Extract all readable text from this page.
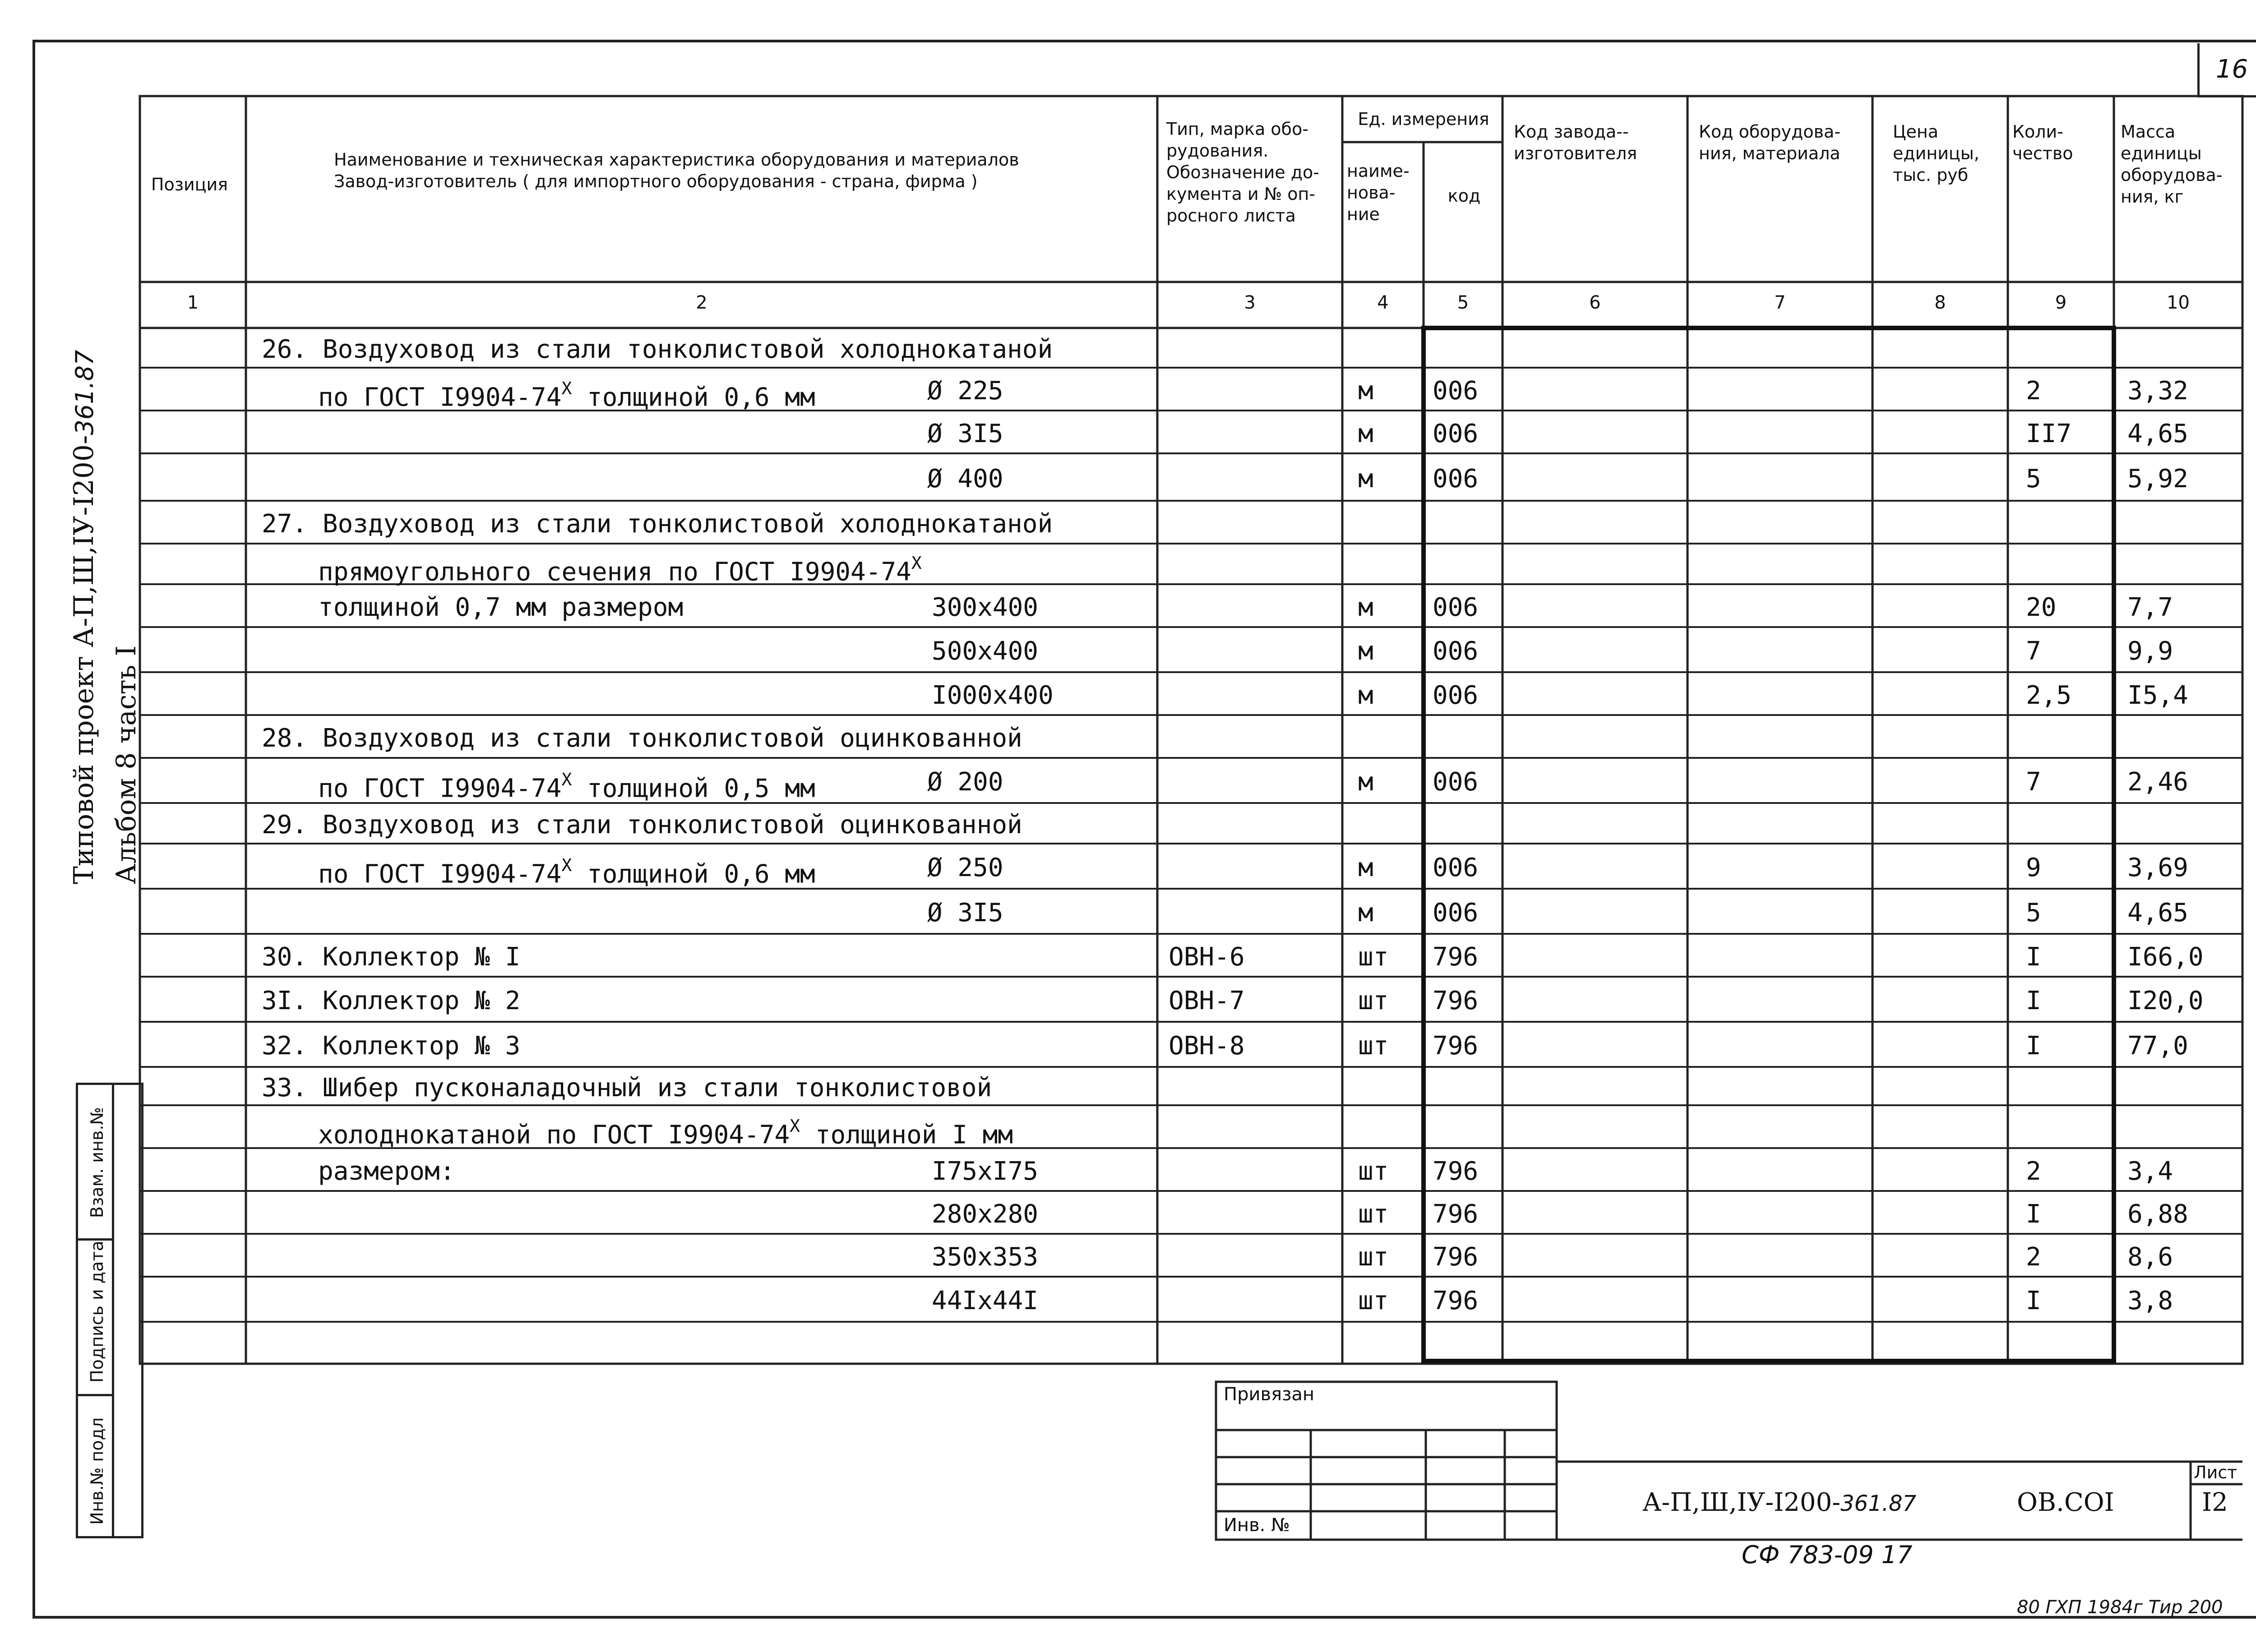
16
Типовой проект А-П,Ш,IУ-I200-361.87
Альбом 8 часть I
Взам. инв.№
Подпись и дата
Инв.№ подл
Позиция
Наименование и техническая характеристика оборудования и материалов Завод-изготовитель ( для импортного оборудования - страна, фирма )
Тип, марка обо-рудования. Обозначение до-кумента и № оп-росного листа
Ед. измерения
наиме-нова-ние
код
Код завода--изготовителя
Код оборудова-ния, материала
Цена единицы, тыс. руб
Коли-чество
Масса единицы оборудова-ния, кг
1	2	3	4	5	6	7	8	9	10
26. Воздуховод из стали тонколистовой холоднокатаной
по ГОСТ $I9904-74^X$ толщиной 0,6 мм	Ø 225	м 006	2	3,32
Ø 3I5	м 006	II7 4,65
Ø 400	м 006	5	5,92
27. Воздуховод из стали тонколистовой холоднокатаной
прямоугольного сечения по ГОСТ $I9904-74^X$
толщиной 0,7 мм размером	300х400	м 006	20	7,7
500х400	м 006	7	9,9
I000х400	м 006	2,5 I5,4
28. Воздуховод из стали тонколистовой оцинкованной
по ГОСТ $I9904-74^X$ толщиной 0,5 мм	Ø 200	м 006	7	2,46
29. Воздуховод из стали тонколистовой оцинкованной
по ГОСТ $I9904-74^X$ толщиной 0,6 мм	Ø 250	м 006	9	3,69
Ø 3I5	м 006	5	4,65
30. Коллектор № I	ОВН-6	шт 796	I	I66,0
3I. Коллектор № 2	ОВН-7	шт 796	I	I20,0
32. Коллектор № 3	ОВН-8	шт 796	I	77,0
33. Шибер пусконаладочный из стали тонколистовой
холоднокатаной по ГОСТ $I9904-74^X$ толщиной I мм
размером:	I75хI75	шт 796	2	3,4
280х280	шт 796	I	6,88
350х353	шт 796	2	8,6
44Iх44I	шт 796	I	3,8
Привязан
Инв. №
А-П,Ш,IУ-I200-361.87	ОВ.СОI
Лист
I2
СФ 783-09 17
80 ГХП 1984г Тир 200
